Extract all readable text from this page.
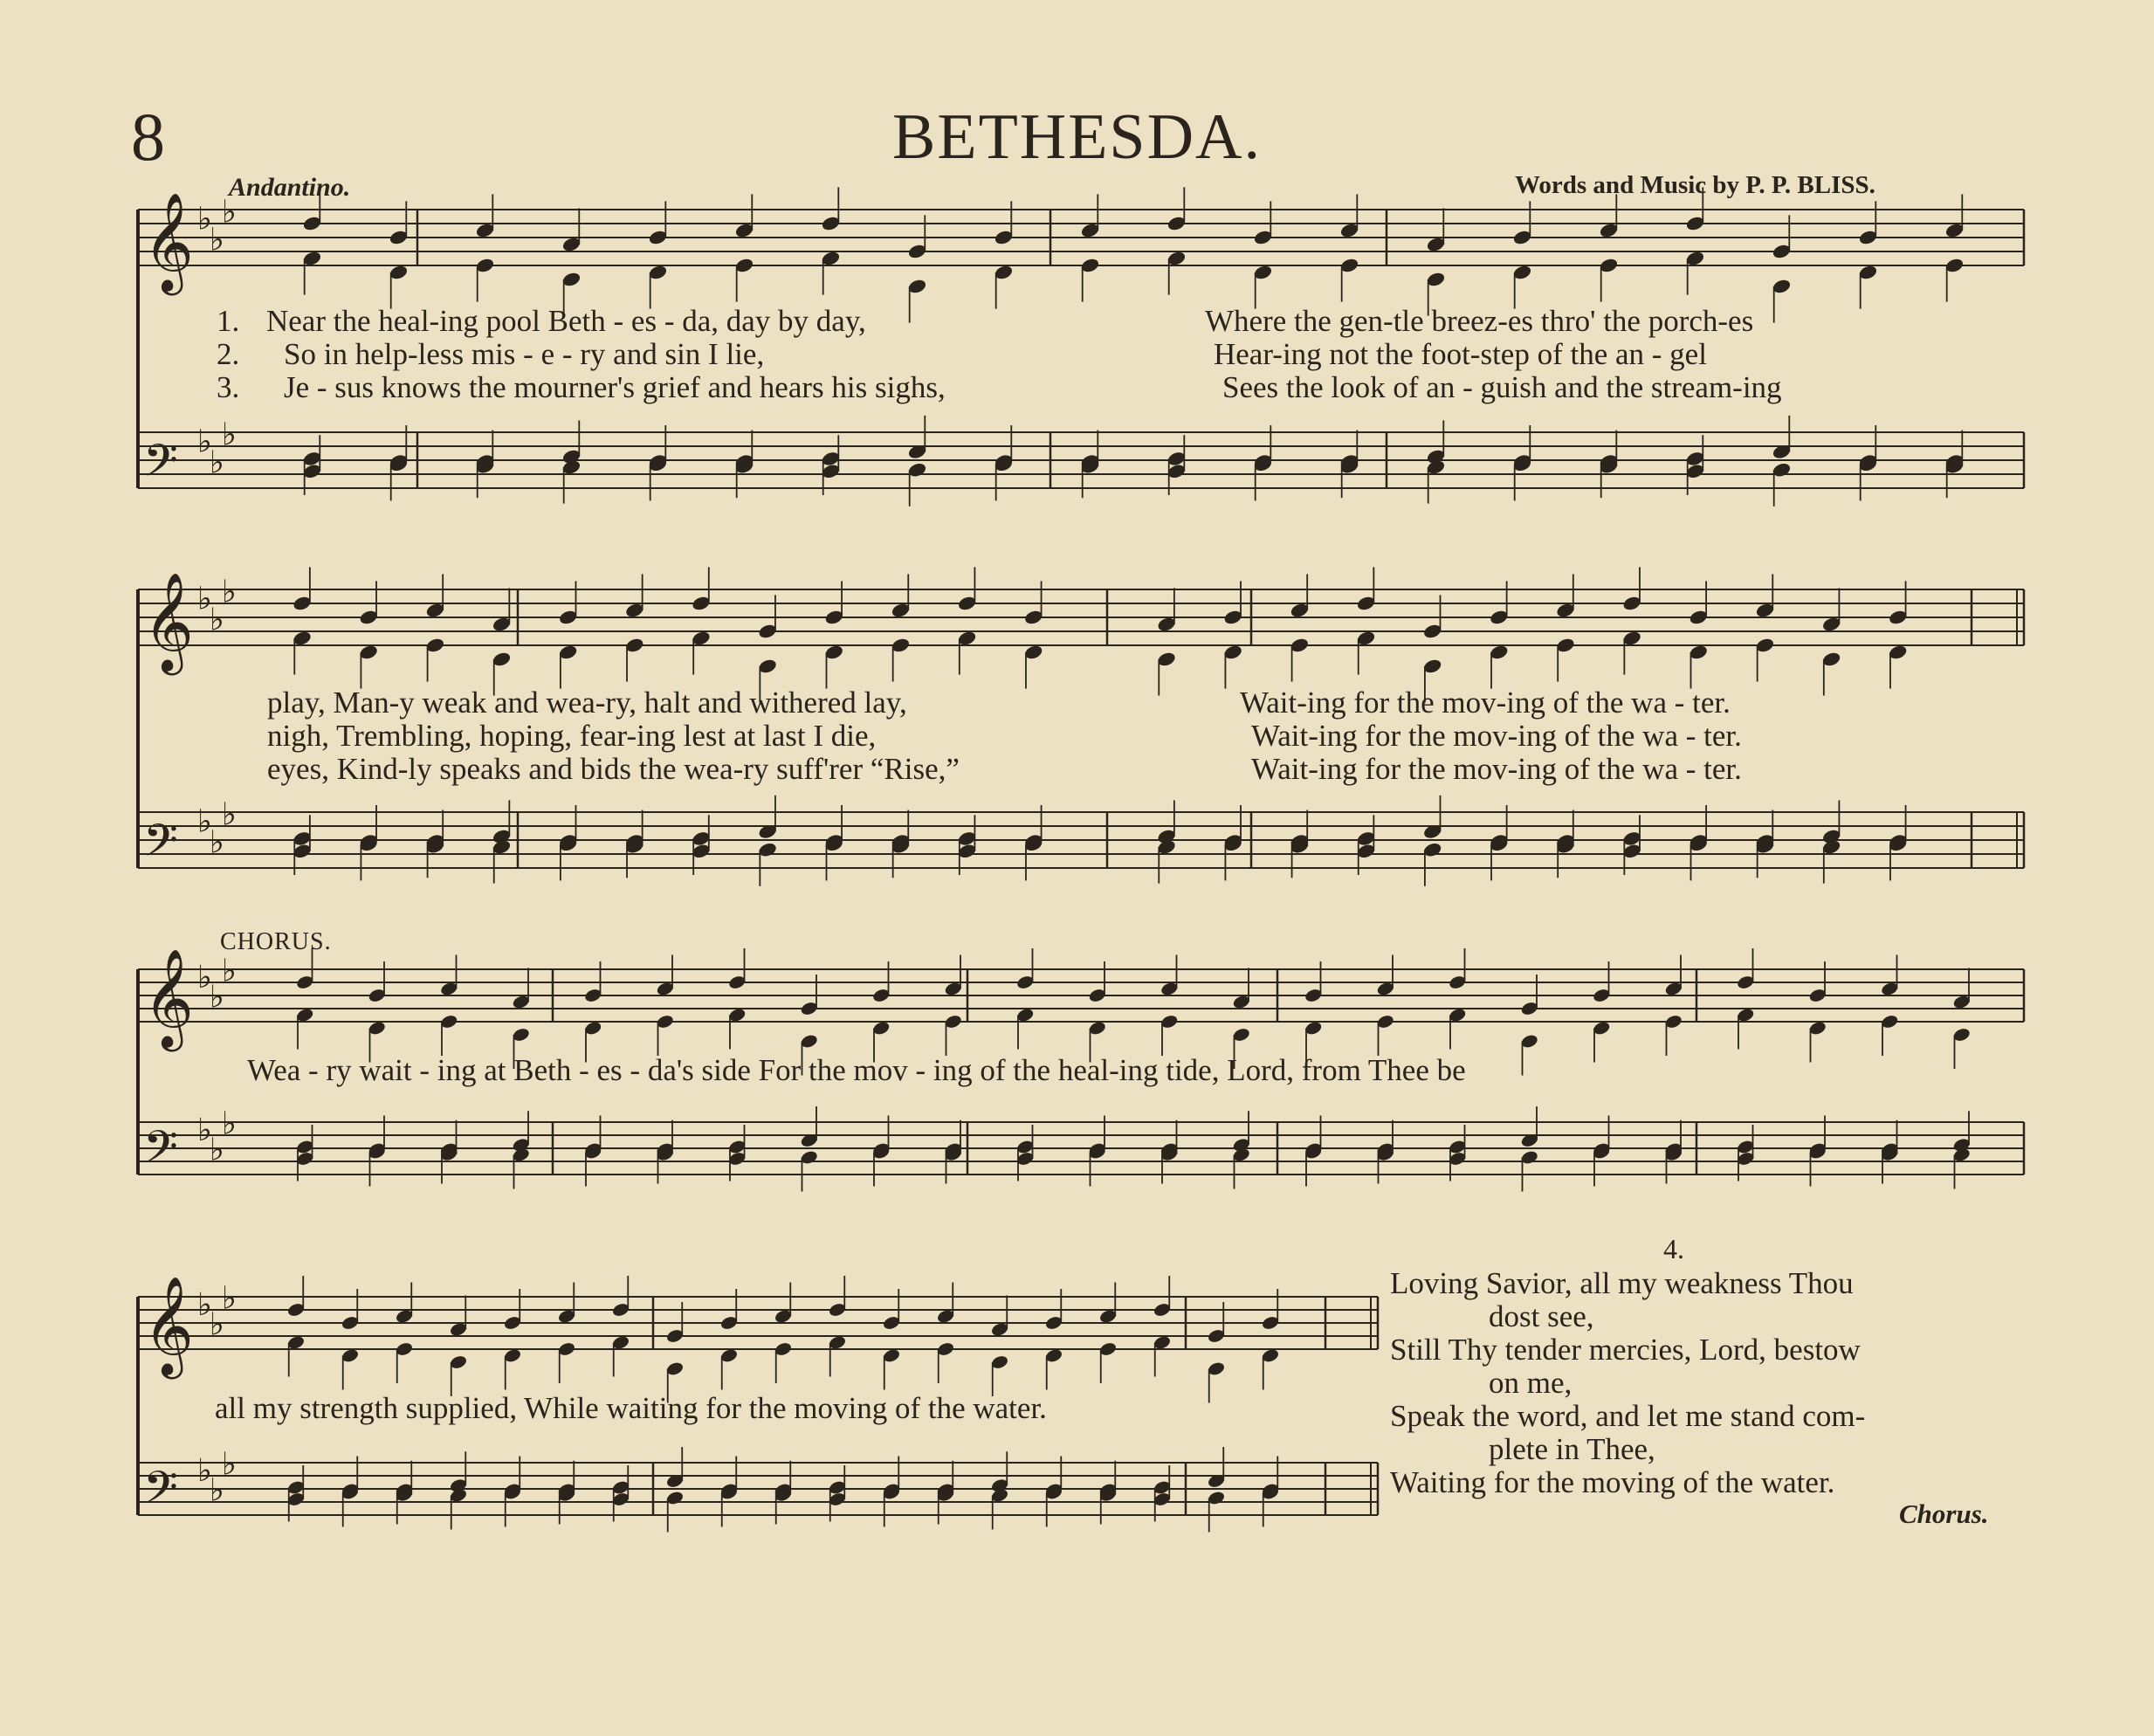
8	BETHESDA.
Andantino.	Words and Music by P. P. BLISS.
𝄞 ♭
♭
♭
𝄢 ♭
♭
♭
1. Near the heal-ing pool Beth - es - da, day by day,	Where the gen-tle breez-es thro' the porch-es
2. So in help-less mis - e - ry and sin I lie,	Hear-ing not the foot-step of the an - gel
3. Je - sus knows the mourner's grief and hears his sighs,	Sees the look of an - guish and the stream-ing
𝄞 ♭
♭
♭
𝄢 ♭
♭
♭
play, Man-y weak and wea-ry, halt and withered lay,	Wait-ing for the mov-ing of the wa - ter.
nigh, Trembling, hoping, fear-ing lest at last I die,	Wait-ing for the mov-ing of the wa - ter.
eyes, Kind-ly speaks and bids the wea-ry suff'rer “Rise,”	Wait-ing for the mov-ing of the wa - ter.
CHORUS.
𝄞 ♭
♭
♭
𝄢 ♭
♭
♭
Wea - ry wait - ing at Beth - es - da's side For the mov - ing of the heal-ing tide, Lord, from Thee be
𝄞 ♭
♭
♭
𝄢 ♭
♭
♭
all my strength supplied, While waiting for the moving of the water.
4.
Loving Savior, all my weakness Thou
dost see,
Still Thy tender mercies, Lord, bestow
on me,
Speak the word, and let me stand com-
plete in Thee,
Waiting for the moving of the water.
Chorus.
